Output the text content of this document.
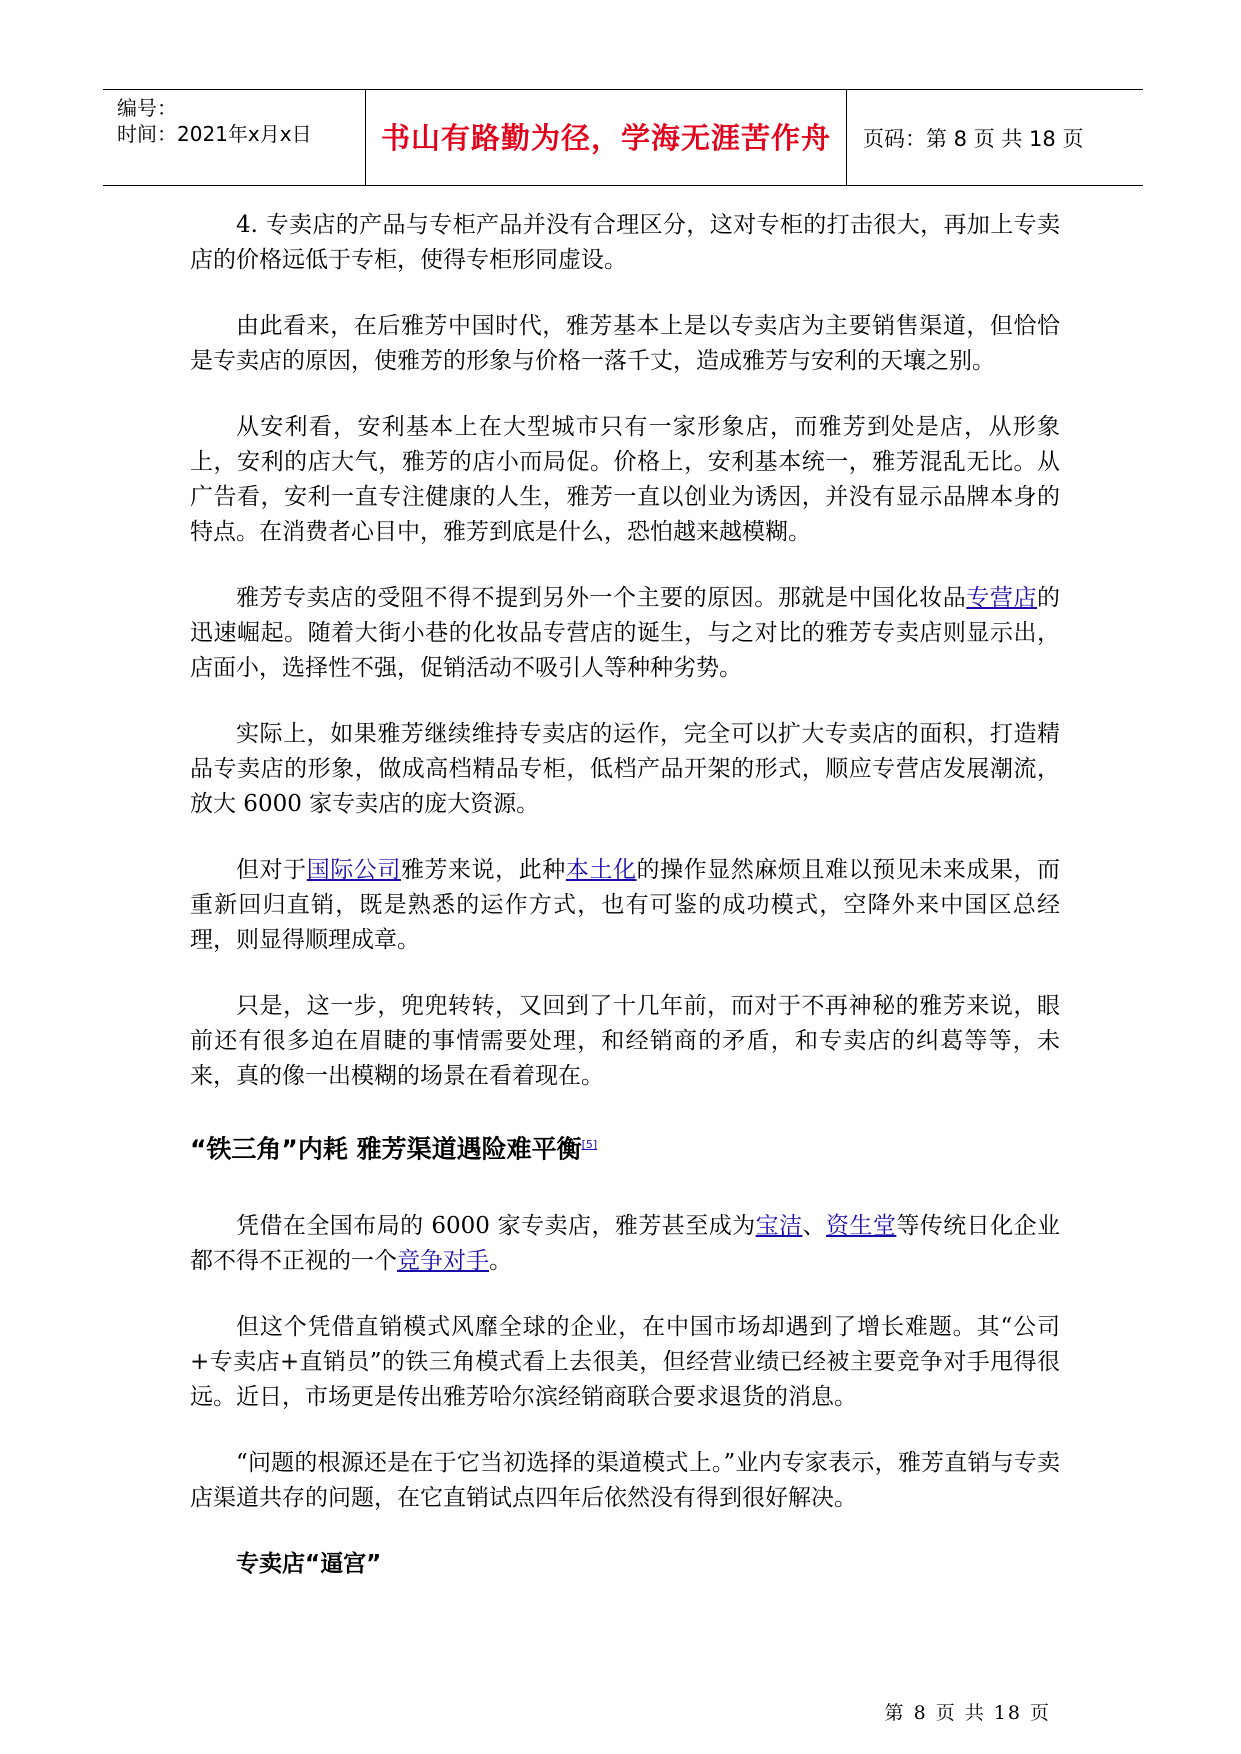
编号：
时间：2021年x月x日	书山有路勤为径，学海无涯苦作舟	页码：第 8 页 共 18 页

4. 专卖店的产品与专柜产品并没有合理区分，这对专柜的打击很大，再加上专卖店的价格远低于专柜，使得专柜形同虚设。

由此看来，在后雅芳中国时代，雅芳基本上是以专卖店为主要销售渠道，但恰恰是专卖店的原因，使雅芳的形象与价格一落千丈，造成雅芳与安利的天壤之别。

从安利看，安利基本上在大型城市只有一家形象店，而雅芳到处是店，从形象上，安利的店大气，雅芳的店小而局促。价格上，安利基本统一，雅芳混乱无比。从广告看，安利一直专注健康的人生，雅芳一直以创业为诱因，并没有显示品牌本身的特点。在消费者心目中，雅芳到底是什么，恐怕越来越模糊。

雅芳专卖店的受阻不得不提到另外一个主要的原因。那就是中国化妆品专营店的迅速崛起。随着大街小巷的化妆品专营店的诞生，与之对比的雅芳专卖店则显示出，店面小，选择性不强，促销活动不吸引人等种种劣势。

实际上，如果雅芳继续维持专卖店的运作，完全可以扩大专卖店的面积，打造精品专卖店的形象，做成高档精品专柜，低档产品开架的形式，顺应专营店发展潮流，放大 6000 家专卖店的庞大资源。

但对于国际公司雅芳来说，此种本土化的操作显然麻烦且难以预见未来成果，而重新回归直销，既是熟悉的运作方式，也有可鉴的成功模式，空降外来中国区总经理，则显得顺理成章。

只是，这一步，兜兜转转，又回到了十几年前，而对于不再神秘的雅芳来说，眼前还有很多迫在眉睫的事情需要处理，和经销商的矛盾，和专卖店的纠葛等等，未来，真的像一出模糊的场景在看着现在。

“铁三角”内耗 雅芳渠道遇险难平衡[5]

凭借在全国布局的 6000 家专卖店，雅芳甚至成为宝洁、资生堂等传统日化企业都不得不正视的一个竞争对手。

但这个凭借直销模式风靡全球的企业，在中国市场却遇到了增长难题。其“公司+专卖店+直销员”的铁三角模式看上去很美，但经营业绩已经被主要竞争对手甩得很远。近日，市场更是传出雅芳哈尔滨经销商联合要求退货的消息。

“问题的根源还是在于它当初选择的渠道模式上。”业内专家表示，雅芳直销与专卖店渠道共存的问题，在它直销试点四年后依然没有得到很好解决。

专卖店“逼宫”
第 8 页 共 18 页
